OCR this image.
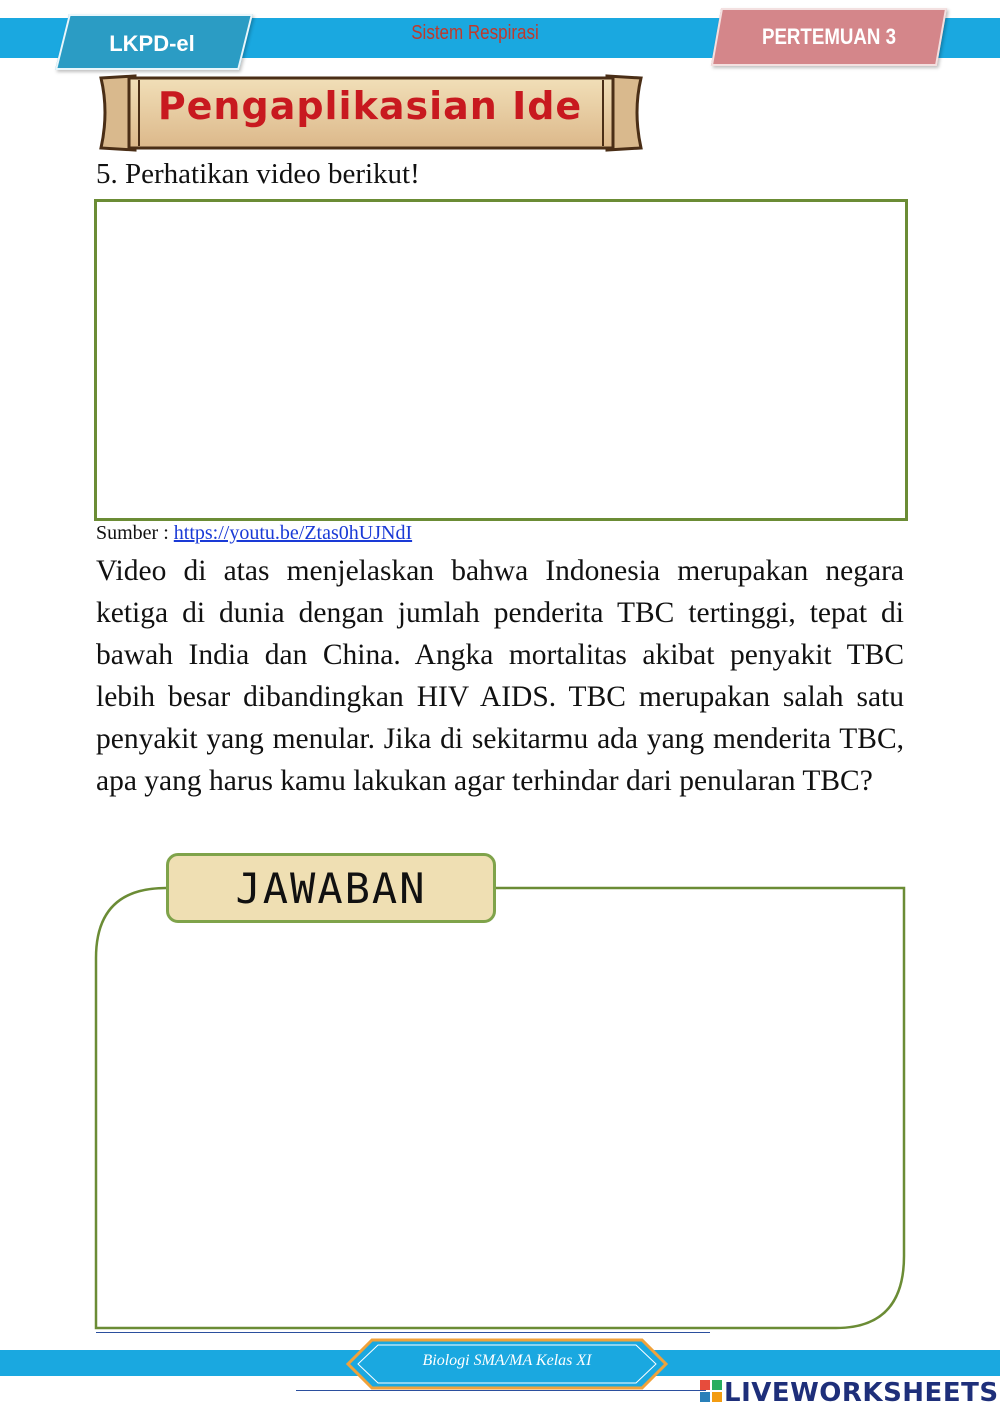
LKPD-el	Sistem Respirasi	PERTEMUAN 3
Pengaplikasian Ide
5. Perhatikan video berikut!
Sumber : https://youtu.be/Ztas0hUJNdI

Video di atas menjelaskan bahwa Indonesia merupakan negara ketiga di dunia dengan jumlah penderita TBC tertinggi, tepat di bawah India dan China. Angka mortalitas akibat penyakit TBC lebih besar dibandingkan HIV AIDS. TBC merupakan salah satu penyakit yang menular. Jika di sekitarmu ada yang menderita TBC, apa yang harus kamu lakukan agar terhindar dari penularan TBC?

JAWABAN
Biologi SMA/MA Kelas XI
LIVEWORKSHEETS
